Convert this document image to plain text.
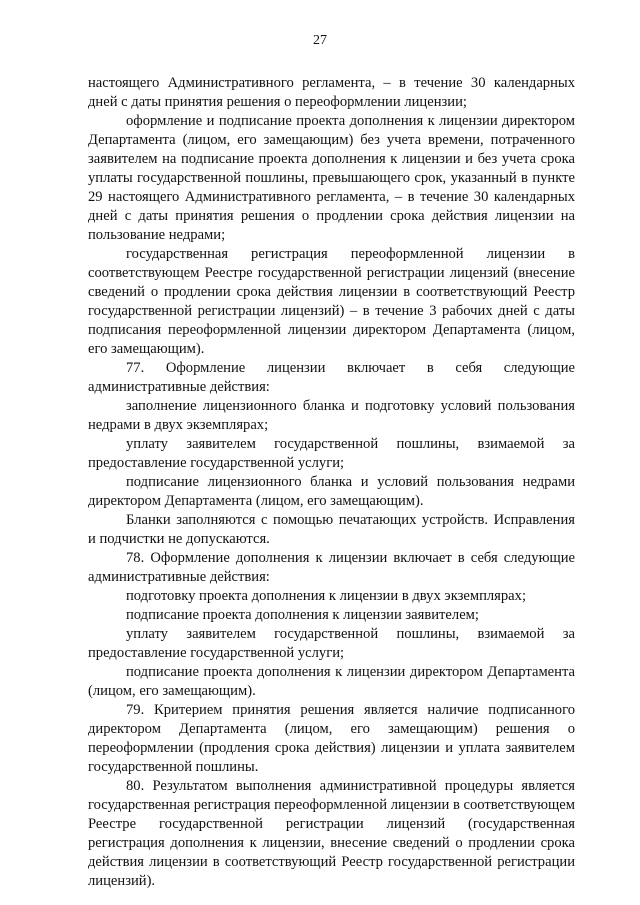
27

настоящего Административного регламента, – в течение 30 календарных дней с даты принятия решения о переоформлении лицензии;

оформление и подписание проекта дополнения к лицензии директором Департамента (лицом, его замещающим) без учета времени, потраченного заявителем на подписание проекта дополнения к лицензии и без учета срока уплаты государственной пошлины, превышающего срок, указанный в пункте 29 настоящего Административного регламента, – в течение 30 календарных дней с даты принятия решения о продлении срока действия лицензии на пользование недрами;

государственная регистрация переоформленной лицензии в соответствующем Реестре государственной регистрации лицензий (внесение сведений о продлении срока действия лицензии в соответствующий Реестр государственной регистрации лицензий) – в течение 3 рабочих дней с даты подписания переоформленной лицензии директором Департамента (лицом, его замещающим).

77. Оформление лицензии включает в себя следующие административные действия:

заполнение лицензионного бланка и подготовку условий пользования недрами в двух экземплярах;

уплату заявителем государственной пошлины, взимаемой за предоставление государственной услуги;

подписание лицензионного бланка и условий пользования недрами директором Департамента (лицом, его замещающим).

Бланки заполняются с помощью печатающих устройств. Исправления и подчистки не допускаются.

78. Оформление дополнения к лицензии включает в себя следующие административные действия:

подготовку проекта дополнения к лицензии в двух экземплярах;

подписание проекта дополнения к лицензии заявителем;

уплату заявителем государственной пошлины, взимаемой за предоставление государственной услуги;

подписание проекта дополнения к лицензии директором Департамента (лицом, его замещающим).

79. Критерием принятия решения является наличие подписанного директором Департамента (лицом, его замещающим) решения о переоформлении (продления срока действия) лицензии и уплата заявителем государственной пошлины.

80. Результатом выполнения административной процедуры является государственная регистрация переоформленной лицензии в соответствующем Реестре государственной регистрации лицензий (государственная регистрация дополнения к лицензии, внесение сведений о продлении срока действия лицензии в соответствующий Реестр государственной регистрации лицензий).
